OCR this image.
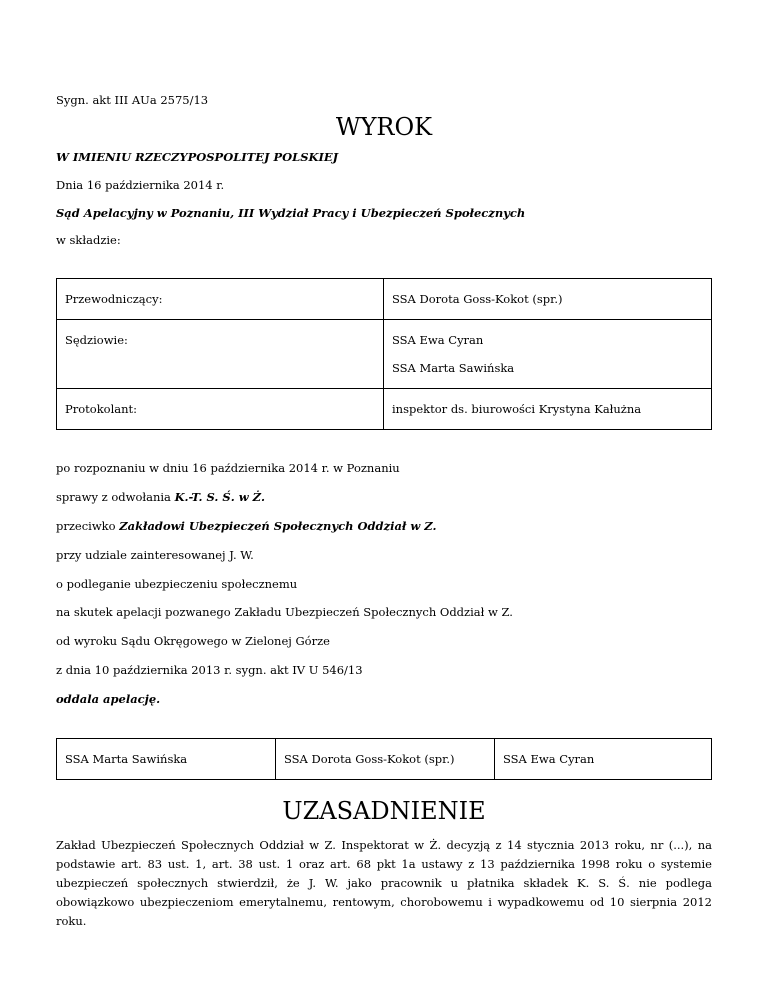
Sygn. akt III AUa 2575/13
WYROK
W IMIENIU RZECZYPOSPOLITEJ POLSKIEJ
Dnia 16 października 2014 r.
Sąd Apelacyjny w Poznaniu, III Wydział Pracy i Ubezpieczeń Społecznych
w składzie:
Przewodniczący:	SSA Dorota Goss-Kokot (spr.)

Sędziowie:	SSA Ewa Cyran
SSA Marta Sawińska

Protokolant:	inspektor ds. biurowości Krystyna Kałużna
po rozpoznaniu w dniu 16 października 2014 r. w Poznaniu
sprawy z odwołania K.-T. S. Ś. w Ż.
przeciwko Zakładowi Ubezpieczeń Społecznych Oddział w Z.
przy udziale zainteresowanej J. W.
o podleganie ubezpieczeniu społecznemu
na skutek apelacji pozwanego Zakładu Ubezpieczeń Społecznych Oddział w Z.
od wyroku Sądu Okręgowego w Zielonej Górze
z dnia 10 października 2013 r. sygn. akt IV U 546/13
oddala apelację.
SSA Marta Sawińska	SSA Dorota Goss-Kokot (spr.)	SSA Ewa Cyran
UZASADNIENIE
Zakład Ubezpieczeń Społecznych Oddział w Z. Inspektorat w Ż. decyzją z 14 stycznia 2013 roku, nr (...), na podstawie art. 83 ust. 1, art. 38 ust. 1 oraz art. 68 pkt 1a ustawy z 13 października 1998 roku o systemie ubezpieczeń społecznych stwierdził, że J. W. jako pracownik u płatnika składek K. S. Ś. nie podlega obowiązkowo ubezpieczeniom emerytalnemu, rentowym, chorobowemu i wypadkowemu od 10 sierpnia 2012 roku.
